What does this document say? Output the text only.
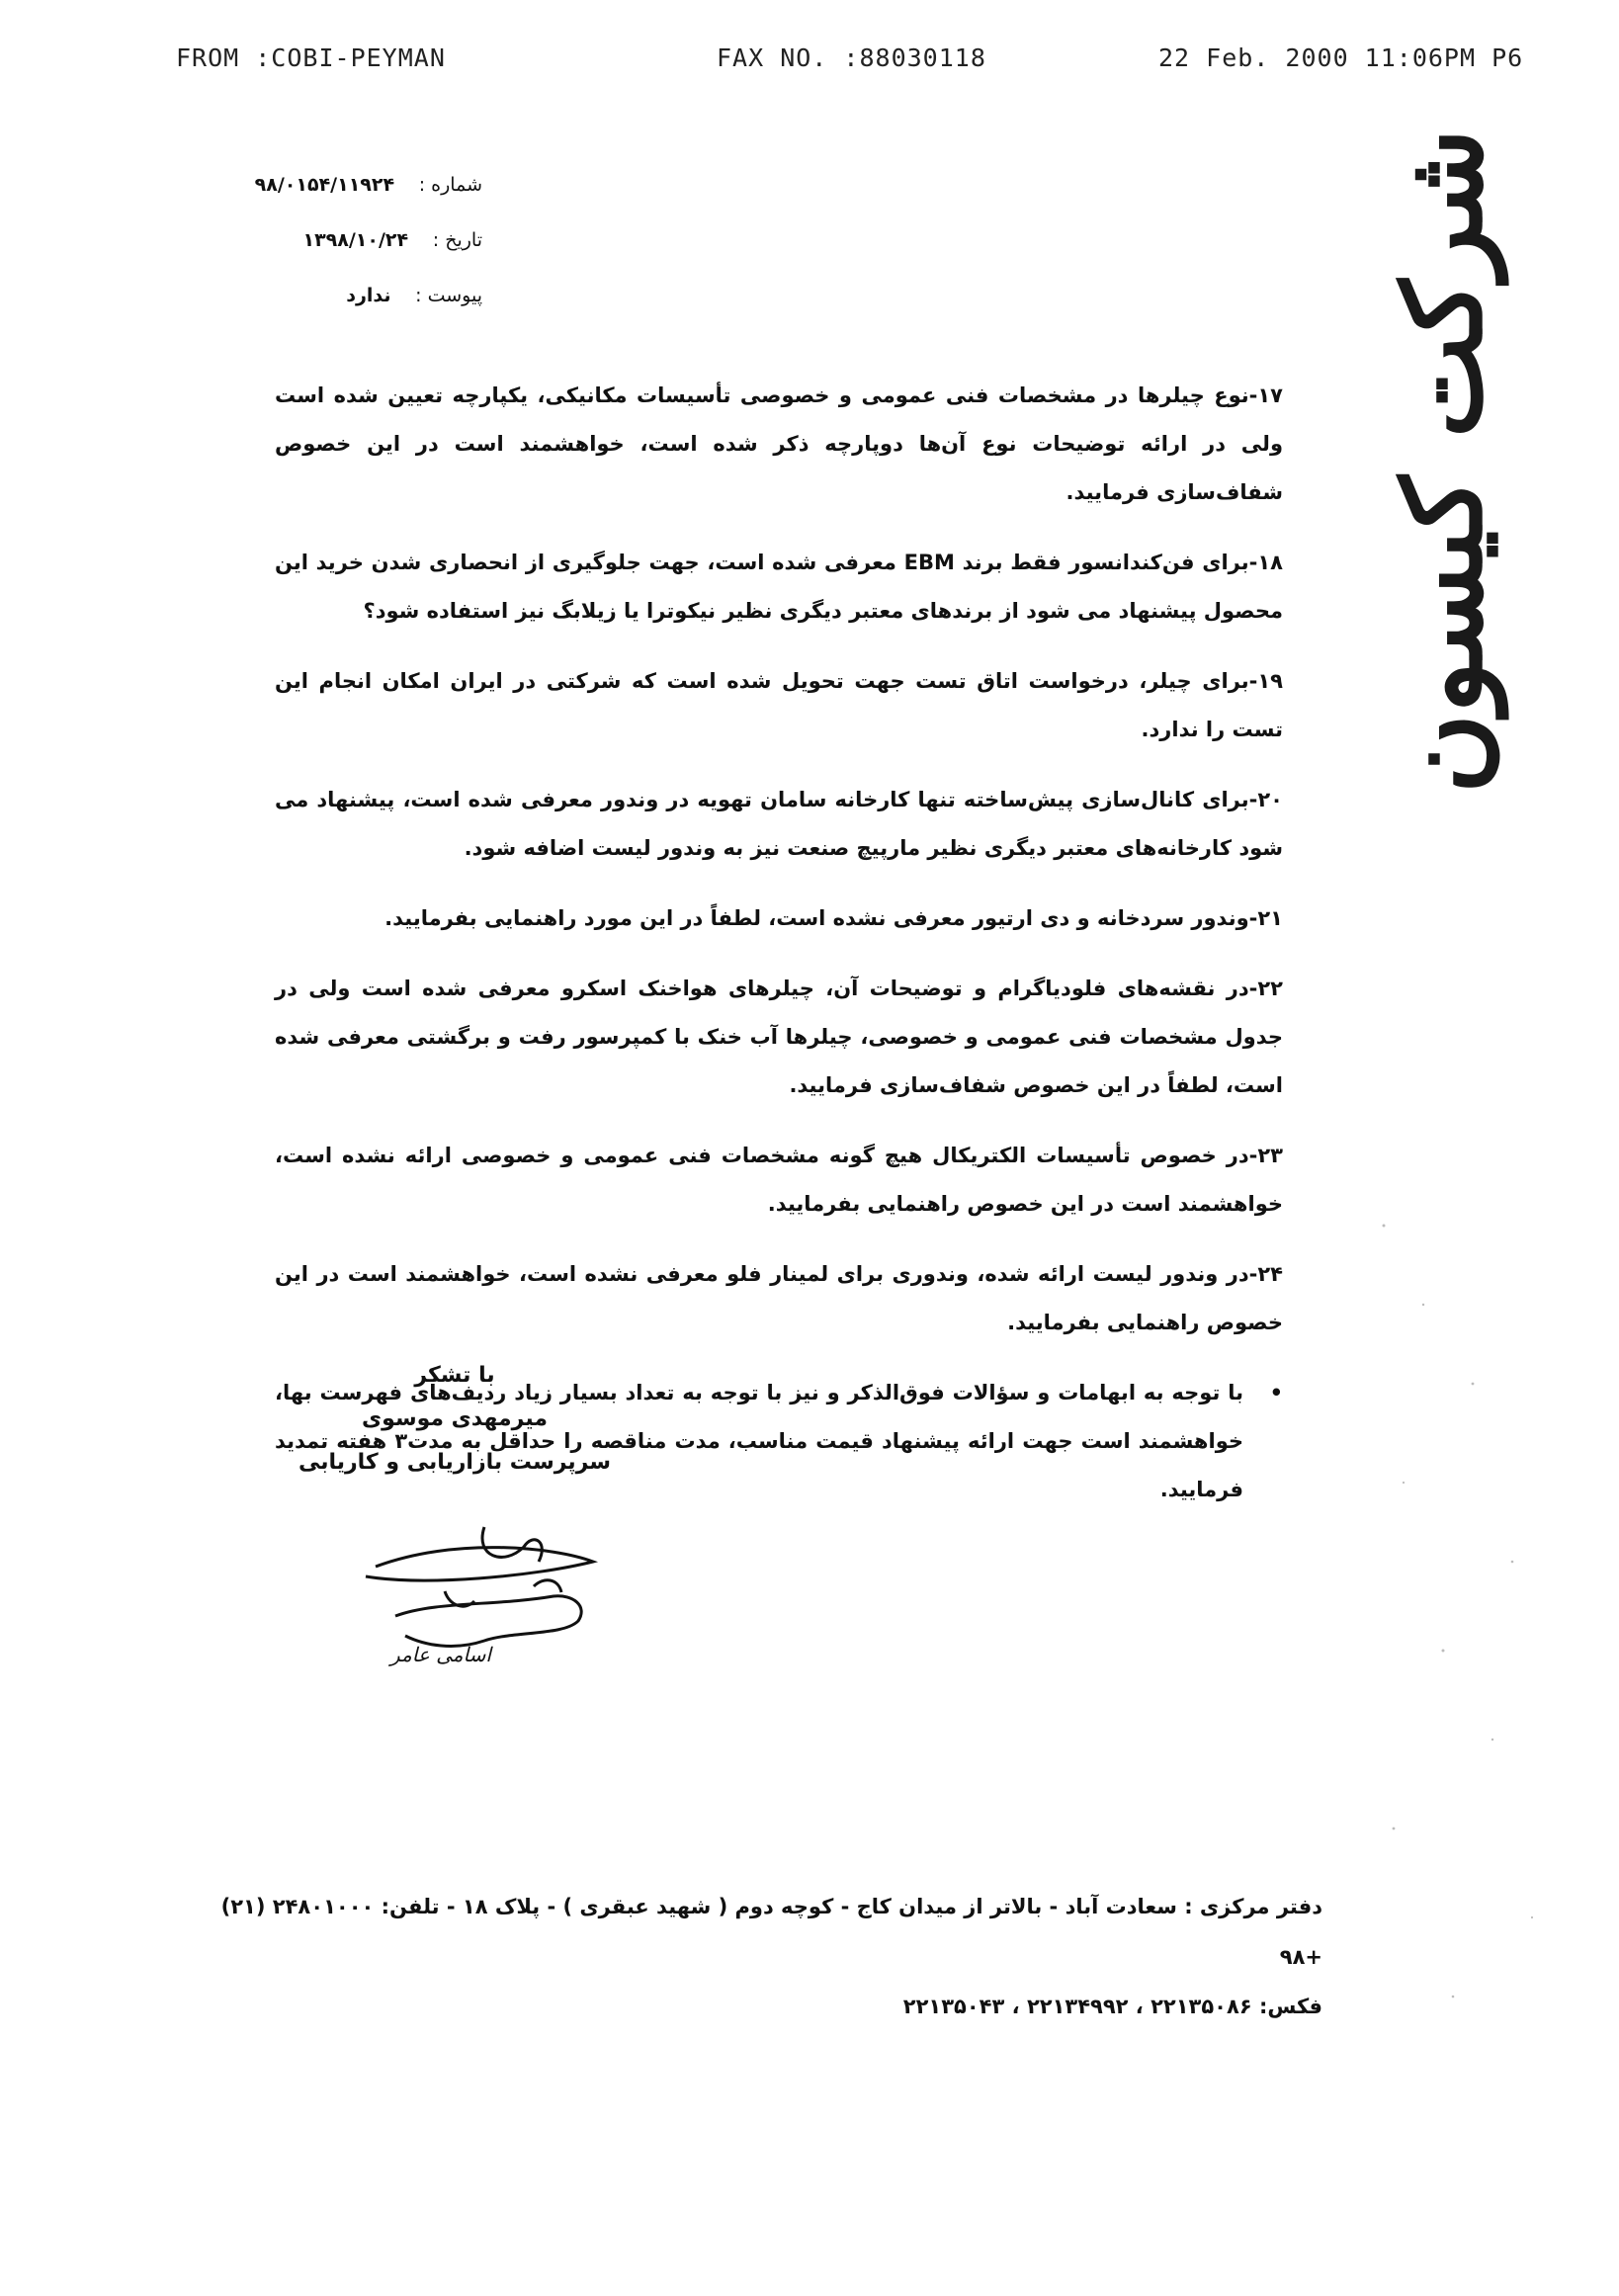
FROM :COBI-PEYMAN	FAX NO. :88030118	22 Feb. 2000 11:06PM P6
شماره : ۹۸/۰۱۵۴/۱۱۹۲۴
تاریخ : ۱۳۹۸/۱۰/۲۴
پیوست : ندارد
۱۷-نوع چیلرها در مشخصات فنی عمومی و خصوصی تأسیسات مکانیکی، یکپارچه تعیین شده است ولی در ارائه توضیحات نوع آن‌ها دوپارچه ذکر شده است، خواهشمند است در این خصوص شفاف‌سازی فرمایید.
۱۸-برای فن‌کندانسور فقط برند EBM معرفی شده است، جهت جلوگیری از انحصاری شدن خرید این محصول پیشنهاد می شود از برندهای معتبر دیگری نظیر نیکوترا یا زیلابگ نیز استفاده شود؟
۱۹-برای چیلر، درخواست اتاق تست جهت تحویل شده است که شرکتی در ایران امکان انجام این تست را ندارد.
۲۰-برای کانال‌سازی پیش‌ساخته تنها کارخانه سامان تهویه در وندور معرفی شده است، پیشنهاد می شود کارخانه‌های معتبر دیگری نظیر مارپیچ صنعت نیز به وندور لیست اضافه شود.
۲۱-وندور سردخانه و دی ارتیور معرفی نشده است، لطفاً در این مورد راهنمایی بفرمایید.
۲۲-در نقشه‌های فلودیاگرام و توضیحات آن، چیلرهای هواخنک اسکرو معرفی شده است ولی در جدول مشخصات فنی عمومی و خصوصی، چیلرها آب خنک با کمپرسور رفت و برگشتی معرفی شده است، لطفاً در این خصوص شفاف‌سازی فرمایید.
۲۳-در خصوص تأسیسات الکتریکال هیچ گونه مشخصات فنی عمومی و خصوصی ارائه نشده است، خواهشمند است در این خصوص راهنمایی بفرمایید.
۲۴-در وندور لیست ارائه شده، وندوری برای لمینار فلو معرفی نشده است، خواهشمند است در این خصوص راهنمایی بفرمایید.
• با توجه به ابهامات و سؤالات فوق‌الذکر و نیز با توجه به تعداد بسیار زیاد ردیف‌های فهرست بها، خواهشمند است جهت ارائه پیشنهاد قیمت مناسب، مدت مناقصه را حداقل به مدت۳ هفته تمدید فرمایید.
با تشکر
میرمهدی موسوی
سرپرست بازاریابی و کاریابی
اسامی عامر
شرکت کیسون
دفتر مرکزی : سعادت آباد - بالاتر از میدان کاج - کوچه دوم ( شهید عبقری ) - پلاک ۱۸ - تلفن: ۲۴۸۰۱۰۰۰ (۲۱)
+۹۸
فکس: ۲۲۱۳۵۰۸۶ ، ۲۲۱۳۴۹۹۲ ، ۲۲۱۳۵۰۴۳
